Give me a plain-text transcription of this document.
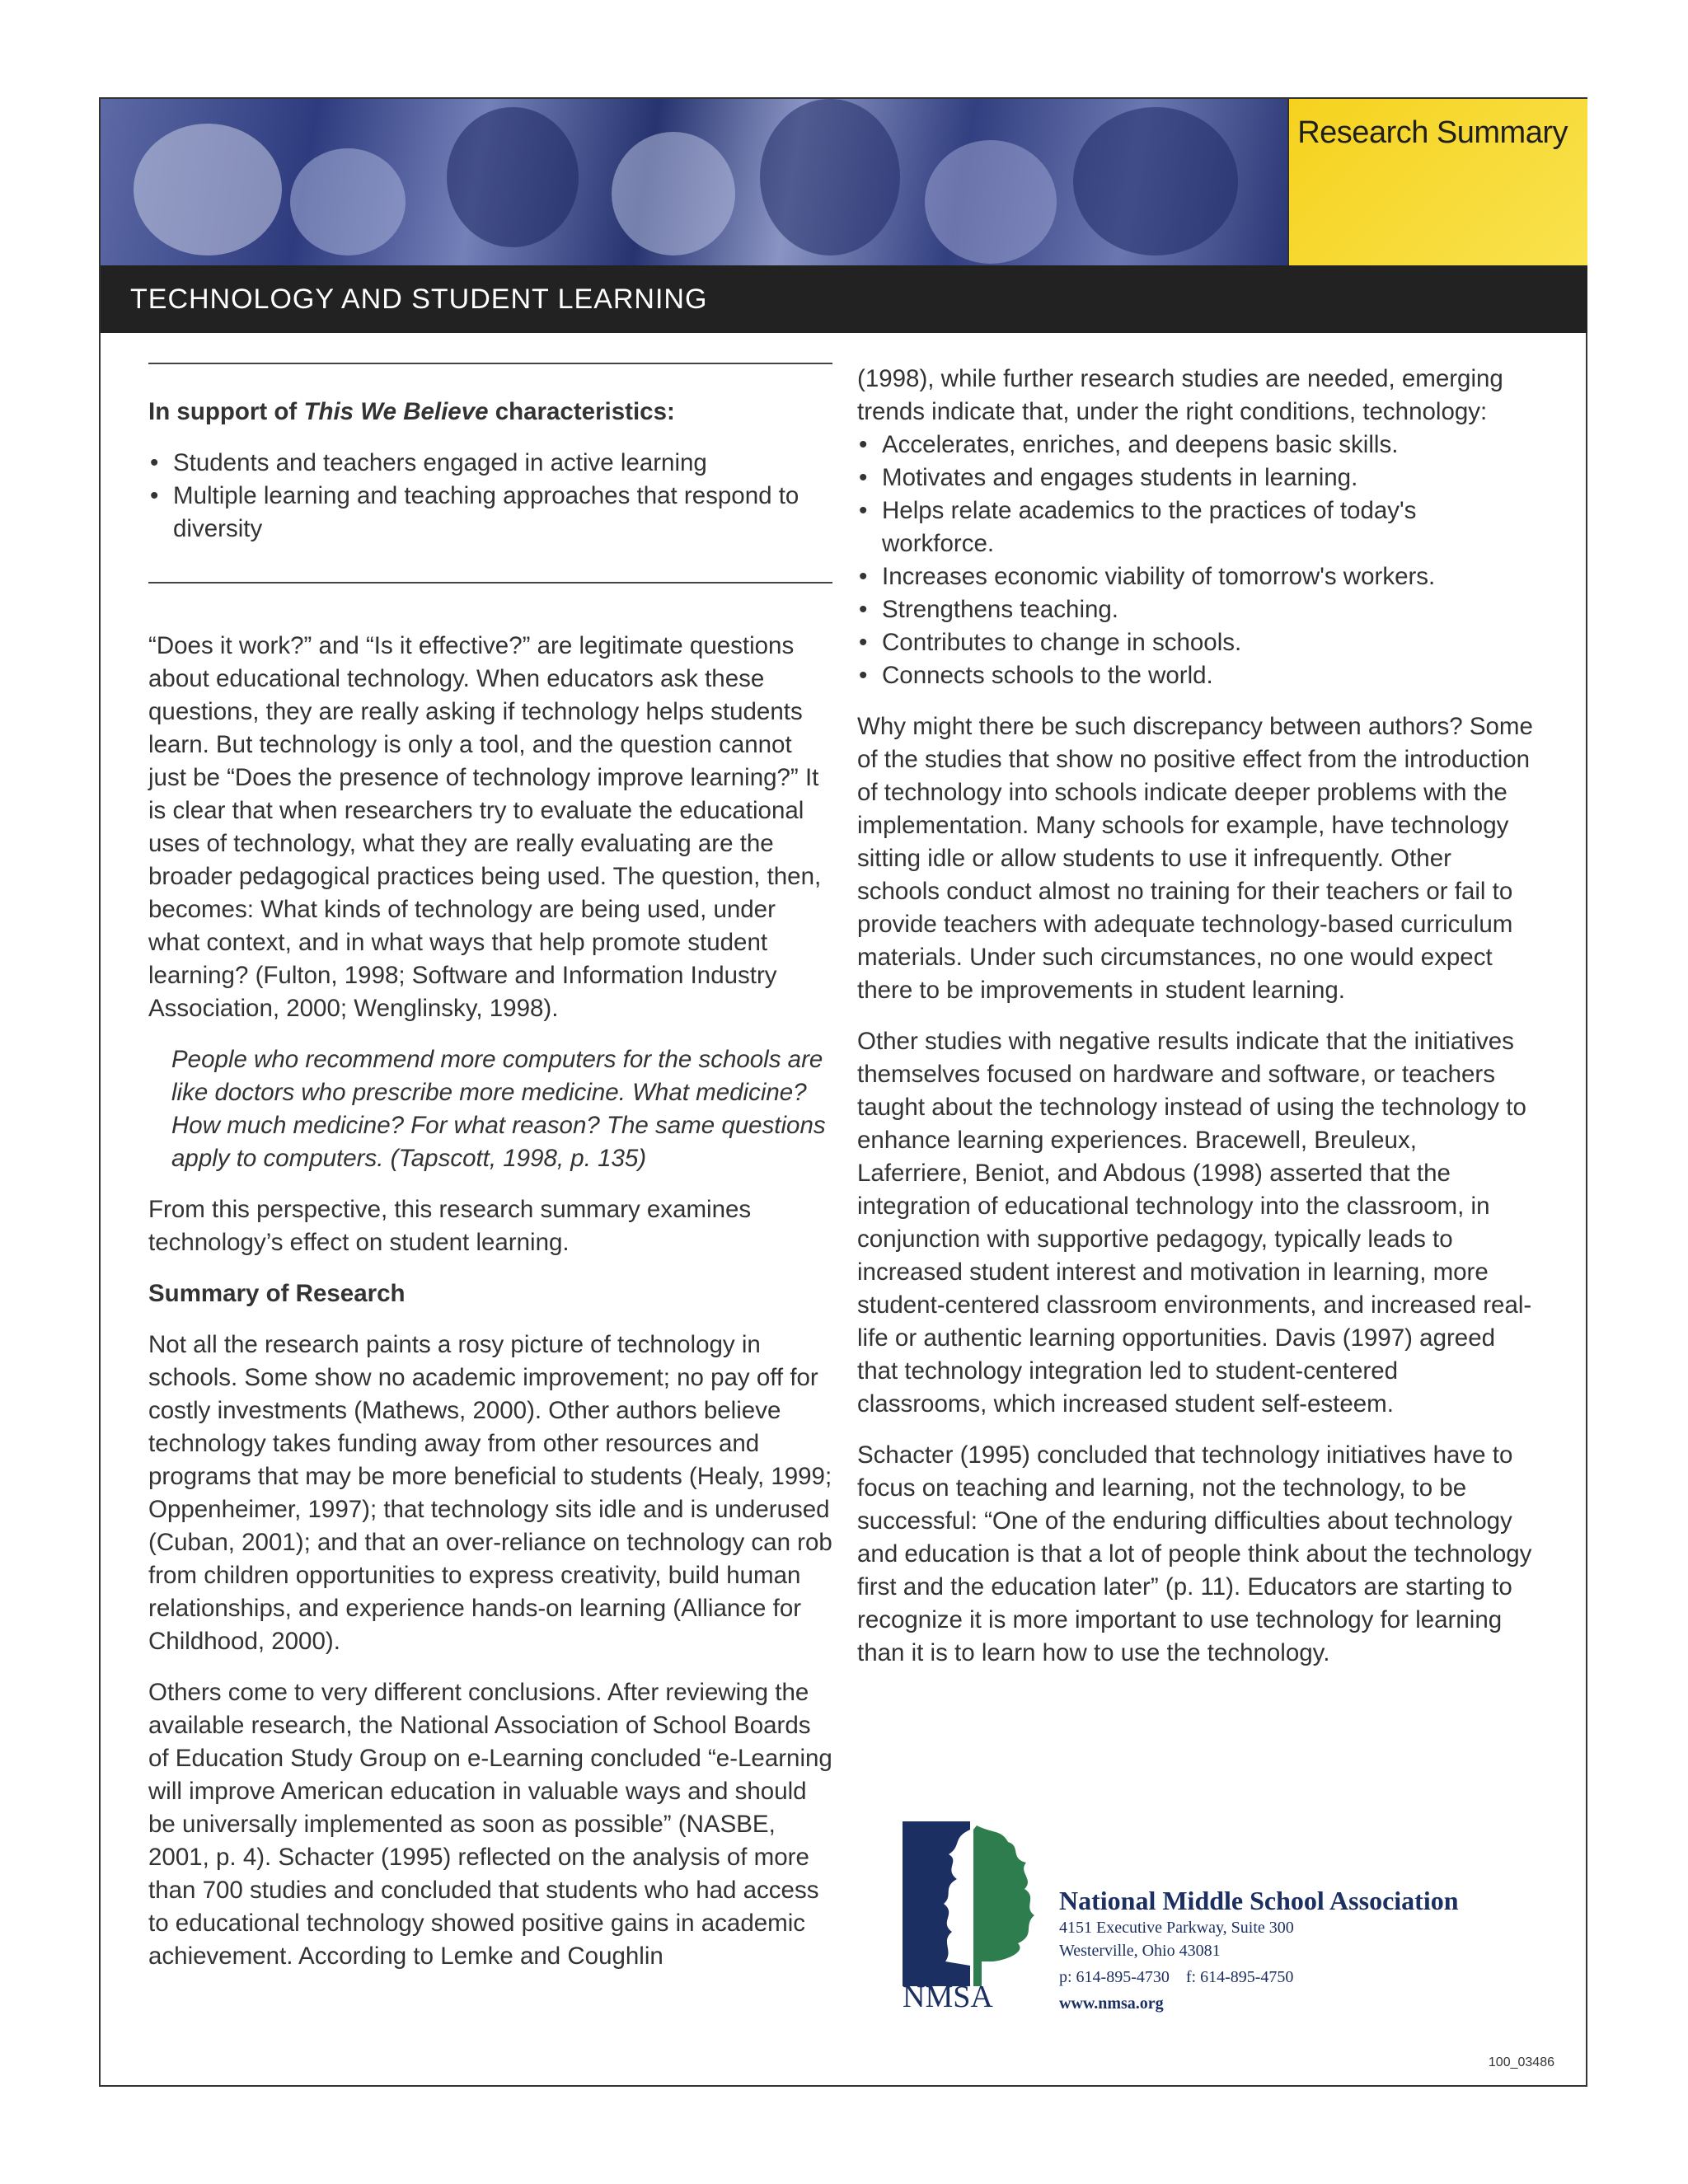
Research Summary
TECHNOLOGY AND STUDENT LEARNING
100_03486

In support of This We Believe characteristics:

• Students and teachers engaged in active learning
• Multiple learning and teaching approaches that respond to diversity

“Does it work?” and “Is it effective?” are legitimate questions about educational technology. When educators ask these questions, they are really asking if technology helps students learn. But technology is only a tool, and the question cannot just be “Does the presence of technology improve learning?” It is clear that when researchers try to evaluate the educational uses of technology, what they are really evaluating are the broader pedagogical practices being used. The question, then, becomes: What kinds of technology are being used, under what context, and in what ways that help promote student learning? (Fulton, 1998; Software and Information Industry Association, 2000; Wenglinsky, 1998).

People who recommend more computers for the schools are like doctors who prescribe more medicine. What medicine? How much medicine? For what reason? The same questions apply to computers. (Tapscott, 1998, p. 135)

From this perspective, this research summary examines technology’s effect on student learning.

Summary of Research

Not all the research paints a rosy picture of technology in schools. Some show no academic improvement; no pay off for costly investments (Mathews, 2000). Other authors believe technology takes funding away from other resources and programs that may be more beneficial to students (Healy, 1999; Oppenheimer, 1997); that technology sits idle and is underused (Cuban, 2001); and that an over-reliance on technology can rob from children opportunities to express creativity, build human relationships, and experience hands-on learning (Alliance for Childhood, 2000).

Others come to very different conclusions. After reviewing the available research, the National Association of School Boards of Education Study Group on e-Learning concluded “e-Learning will improve American education in valuable ways and should be universally implemented as soon as possible” (NASBE, 2001, p. 4). Schacter (1995) reflected on the analysis of more than 700 studies and concluded that students who had access to educational technology showed positive gains in academic achievement. According to Lemke and Coughlin

(1998), while further research studies are needed, emerging trends indicate that, under the right conditions, technology:

• Accelerates, enriches, and deepens basic skills.
• Motivates and engages students in learning.
• Helps relate academics to the practices of today's workforce.
• Increases economic viability of tomorrow's workers.
• Strengthens teaching.
• Contributes to change in schools.
• Connects schools to the world.

Why might there be such discrepancy between authors? Some of the studies that show no positive effect from the introduction of technology into schools indicate deeper problems with the implementation. Many schools for example, have technology sitting idle or allow students to use it infrequently. Other schools conduct almost no training for their teachers or fail to provide teachers with adequate technology-based curriculum materials. Under such circumstances, no one would expect there to be improvements in student learning.

Other studies with negative results indicate that the initiatives themselves focused on hardware and software, or teachers taught about the technology instead of using the technology to enhance learning experiences. Bracewell, Breuleux, Laferriere, Beniot, and Abdous (1998) asserted that the integration of educational technology into the classroom, in conjunction with supportive pedagogy, typically leads to increased student interest and motivation in learning, more student-centered classroom environments, and increased real-life or authentic learning opportunities. Davis (1997) agreed that technology integration led to student-centered classrooms, which increased student self-esteem.

Schacter (1995) concluded that technology initiatives have to focus on teaching and learning, not the technology, to be successful: “One of the enduring difficulties about technology and education is that a lot of people think about the technology first and the education later” (p. 11). Educators are starting to recognize it is more important to use technology for learning than it is to learn how to use the technology.

NMSA
National Middle School Association
4151 Executive Parkway, Suite 300
Westerville, Ohio 43081
p: 614-895-4730 f: 614-895-4750
www.nmsa.org
